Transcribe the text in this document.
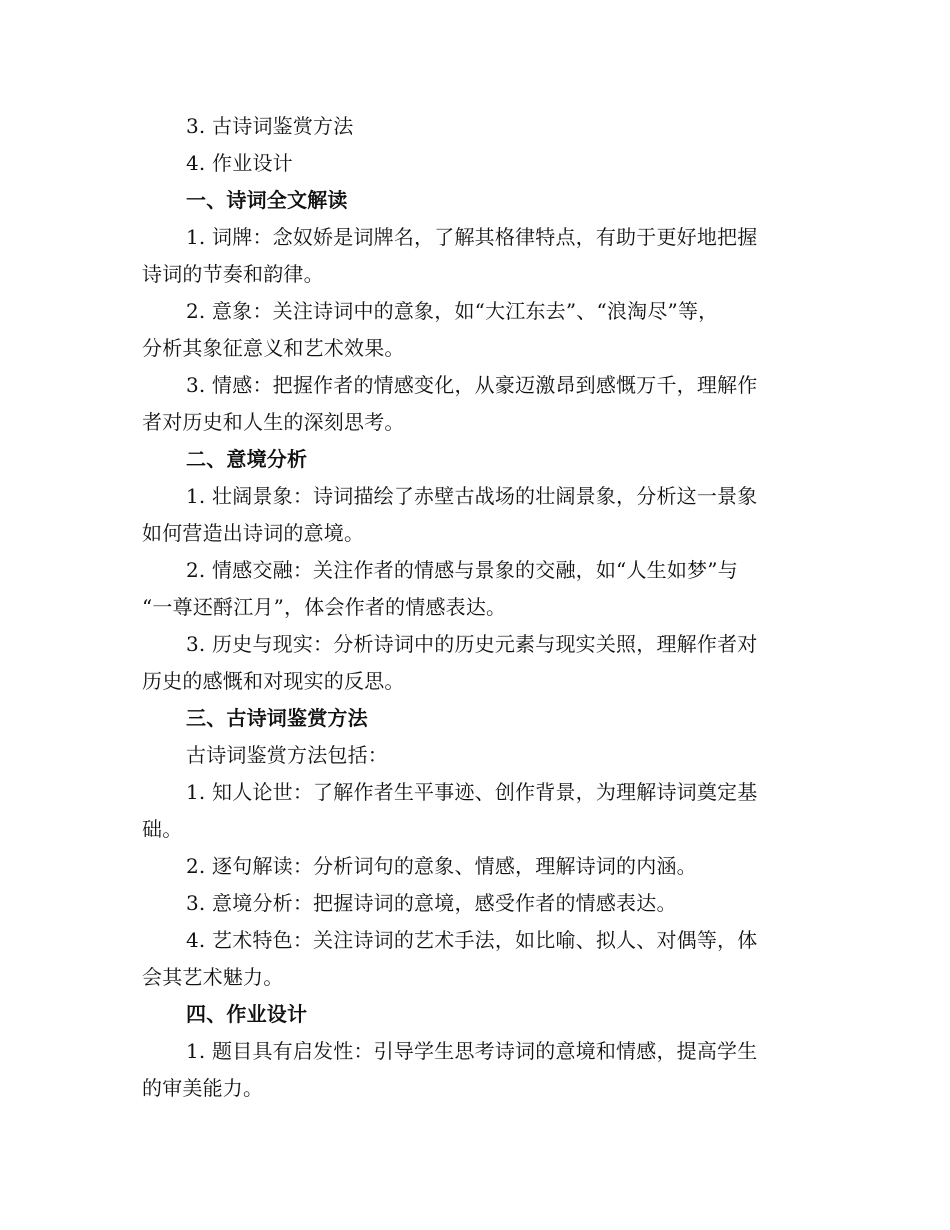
3. 古诗词鉴赏方法
4. 作业设计
一、诗词全文解读
1. 词牌：念奴娇是词牌名，了解其格律特点，有助于更好地把握
诗词的节奏和韵律。
2. 意象：关注诗词中的意象，如“大江东去”、“浪淘尽”等，
分析其象征意义和艺术效果。
3. 情感：把握作者的情感变化，从豪迈激昂到感慨万千，理解作
者对历史和人生的深刻思考。
二、意境分析
1. 壮阔景象：诗词描绘了赤壁古战场的壮阔景象，分析这一景象
如何营造出诗词的意境。
2. 情感交融：关注作者的情感与景象的交融，如“人生如梦”与
“一尊还酹江月”，体会作者的情感表达。
3. 历史与现实：分析诗词中的历史元素与现实关照，理解作者对
历史的感慨和对现实的反思。
三、古诗词鉴赏方法
古诗词鉴赏方法包括：
1. 知人论世：了解作者生平事迹、创作背景，为理解诗词奠定基
础。
2. 逐句解读：分析词句的意象、情感，理解诗词的内涵。
3. 意境分析：把握诗词的意境，感受作者的情感表达。
4. 艺术特色：关注诗词的艺术手法，如比喻、拟人、对偶等，体
会其艺术魅力。
四、作业设计
1. 题目具有启发性：引导学生思考诗词的意境和情感，提高学生
的审美能力。
